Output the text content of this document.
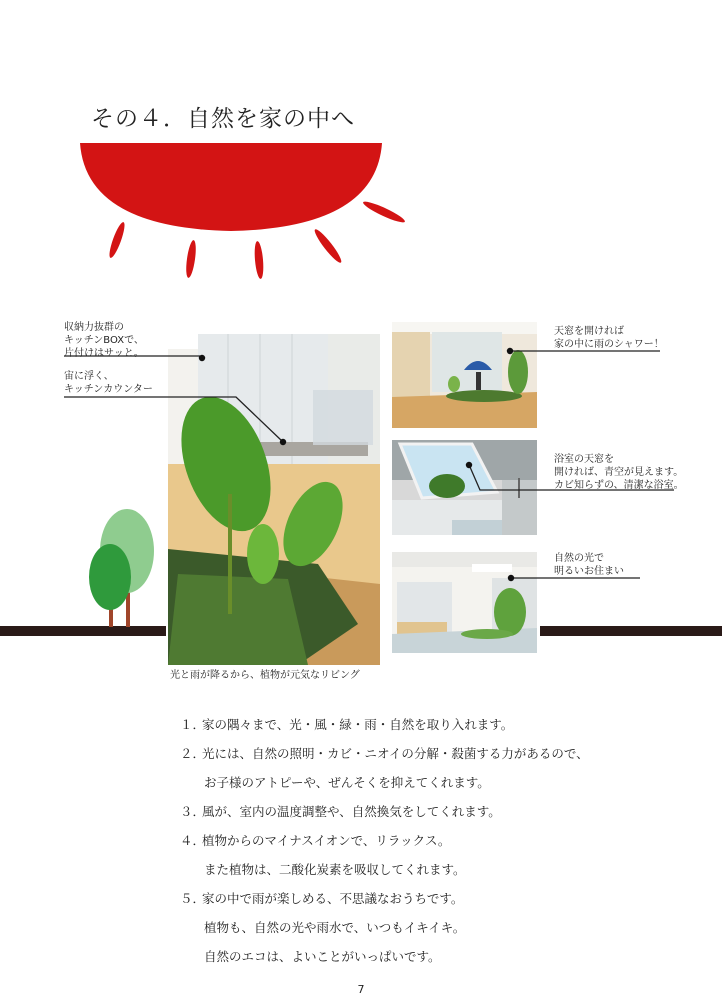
その４．自然を家の中へ
光と雨が降るから、植物が元気なリビング
収納力抜群の
キッチンBOXで、
片付けはサッと。
宙に浮く、
キッチンカウンター
天窓を開ければ
家の中に雨のシャワー！
浴室の天窓を
開ければ、青空が見えます。
カビ知らずの、清潔な浴室。
自然の光で
明るいお住まい
１．家の隅々まで、光・風・緑・雨・自然を取り入れます。
２．光には、自然の照明・カビ・ニオイの分解・殺菌する力があるので、
お子様のアトピーや、ぜんそくを抑えてくれます。
３．風が、室内の温度調整や、自然換気をしてくれます。
４．植物からのマイナスイオンで、リラックス。
また植物は、二酸化炭素を吸収してくれます。
５．家の中で雨が楽しめる、不思議なおうちです。
植物も、自然の光や雨水で、いつもイキイキ。
自然のエコは、よいことがいっぱいです。
7
